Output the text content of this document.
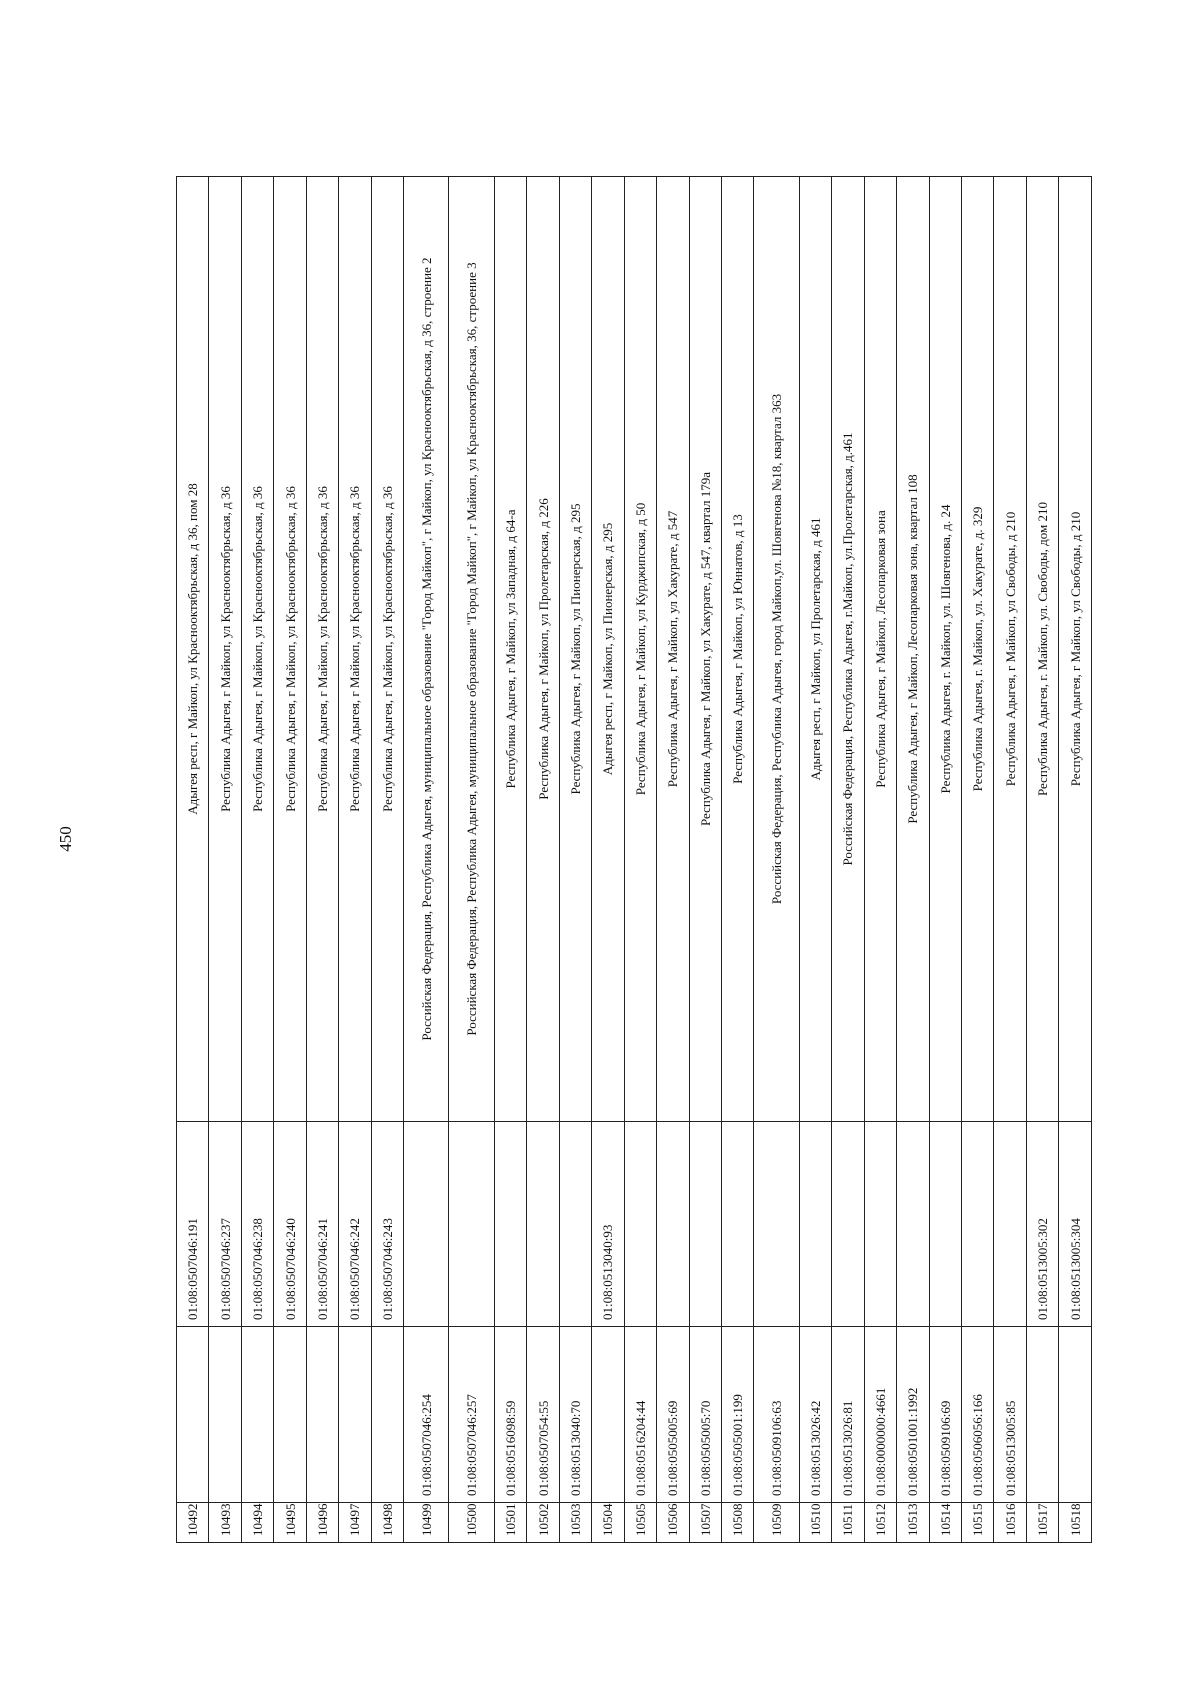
450
10492		01:08:0507046:191	Адыгея респ, г Майкоп, ул Краснооктябрьская, д 36, пом 28
10493		01:08:0507046:237	Республика Адыгея, г Майкоп, ул Краснооктябрьская, д 36
10494		01:08:0507046:238	Республика Адыгея, г Майкоп, ул Краснооктябрьская, д 36
10495		01:08:0507046:240	Республика Адыгея, г Майкоп, ул Краснооктябрьская, д 36
10496		01:08:0507046:241	Республика Адыгея, г Майкоп, ул Краснооктябрьская, д 36
10497		01:08:0507046:242	Республика Адыгея, г Майкоп, ул Краснооктябрьская, д 36
10498		01:08:0507046:243	Республика Адыгея, г Майкоп, ул Краснооктябрьская, д 36
10499	01:08:0507046:254		Российская Федерация, Республика Адыгея, муниципальное образование "Город Майкоп", г Майкоп, ул Краснооктябрьская, д 36, строение 2
10500	01:08:0507046:257		Российская Федерация, Республика Адыгея, муниципальное образование "Город Майкоп", г Майкоп, ул Краснооктябрьская, 36, строение 3
10501	01:08:0516098:59		Республика Адыгея, г Майкоп, ул Западная, д 64-а
10502	01:08:0507054:55		Республика Адыгея, г Майкоп, ул Пролетарская, д 226
10503	01:08:0513040:70		Республика Адыгея, г Майкоп, ул Пионерская, д 295
10504		01:08:0513040:93	Адыгея респ, г Майкоп, ул Пионерская, д 295
10505	01:08:0516204:44		Республика Адыгея, г Майкоп, ул Курджипская, д 50
10506	01:08:0505005:69		Республика Адыгея, г Майкоп, ул Хакурате, д 547
10507	01:08:0505005:70		Республика Адыгея, г Майкоп, ул Хакурате, д 547, квартал 179а
10508	01:08:0505001:199		Республика Адыгея, г Майкоп, ул Юннатов, д 13
10509	01:08:0509106:63		Российская Федерация, Республика Адыгея, город Майкоп,ул. Шовгенова №18, квартал 363
10510	01:08:0513026:42		Адыгея респ, г Майкоп, ул Пролетарская, д 461
10511	01:08:0513026:81		Российская Федерация, Республика Адыгея, г.Майкоп, ул.Пролетарская, д.461
10512	01:08:0000000:4661		Республика Адыгея, г Майкоп, Лесопарковая зона
10513	01:08:0501001:1992		Республика Адыгея, г Майкоп, Лесопарковая зона, квартал 108
10514	01:08:0509106:69		Республика Адыгея, г. Майкоп, ул. Шовгенова, д. 24
10515	01:08:0506056:166		Республика Адыгея, г. Майкоп, ул. Хакурате, д. 329
10516	01:08:0513005:85		Республика Адыгея, г Майкоп, ул Свободы, д 210
10517		01:08:0513005:302	Республика Адыгея, г. Майкоп, ул. Свободы, дом 210
10518		01:08:0513005:304	Республика Адыгея, г Майкоп, ул Свободы, д 210
